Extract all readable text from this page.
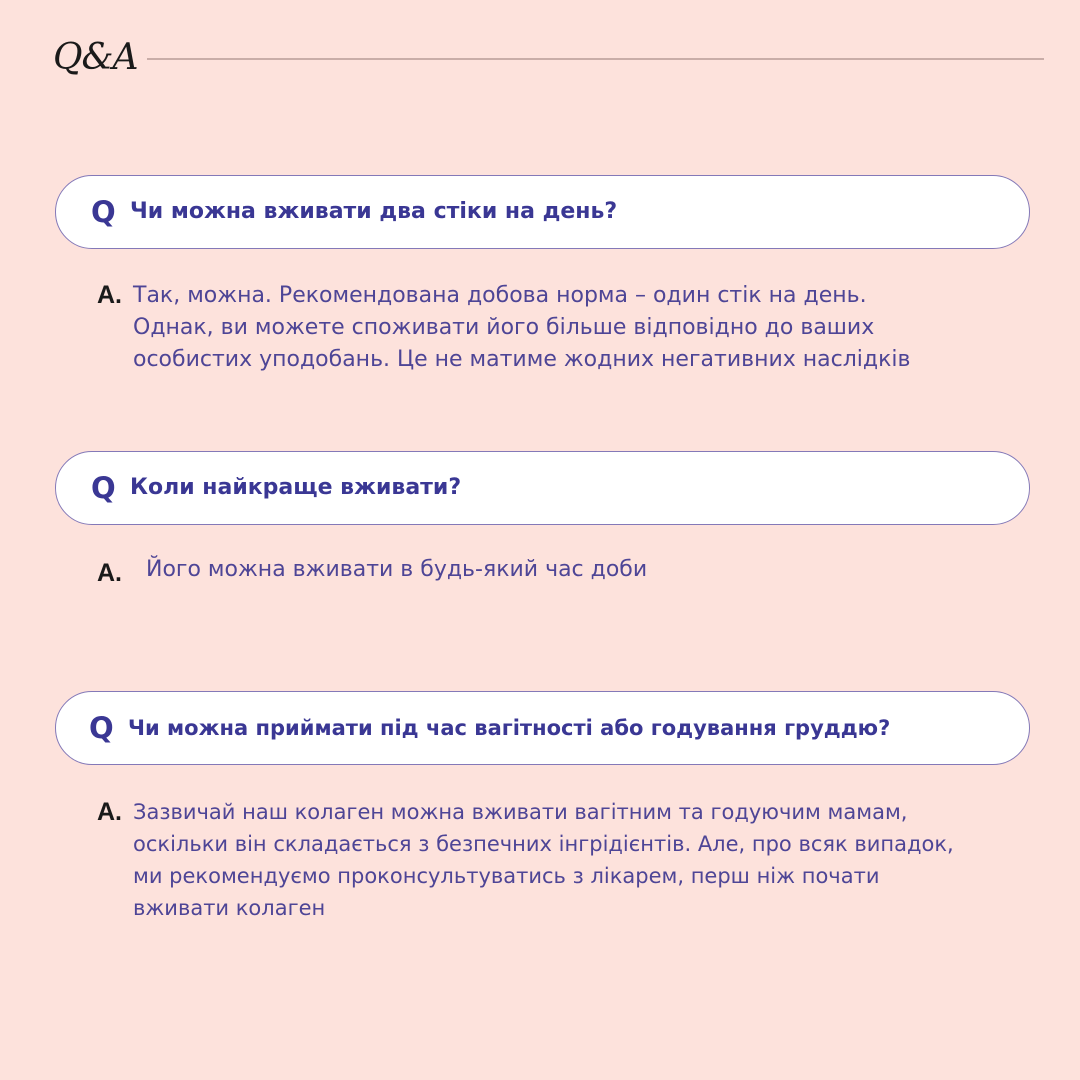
Q&A
Q Чи можна вживати два стіки на день?
A. Так, можна. Рекомендована добова норма – один стік на день.
Однак, ви можете споживати його більше відповідно до ваших
особистих уподобань. Це не матиме жодних негативних наслідків
Q Коли найкраще вживати?
A. Його можна вживати в будь-який час доби
Q Чи можна приймати під час вагітності або годування груддю?
A. Зазвичай наш колаген можна вживати вагітним та годуючим мамам,
оскільки він складається з безпечних інгрідієнтів. Але, про всяк випадок,
ми рекомендуємо проконсультуватись з лікарем, перш ніж почати
вживати колаген
